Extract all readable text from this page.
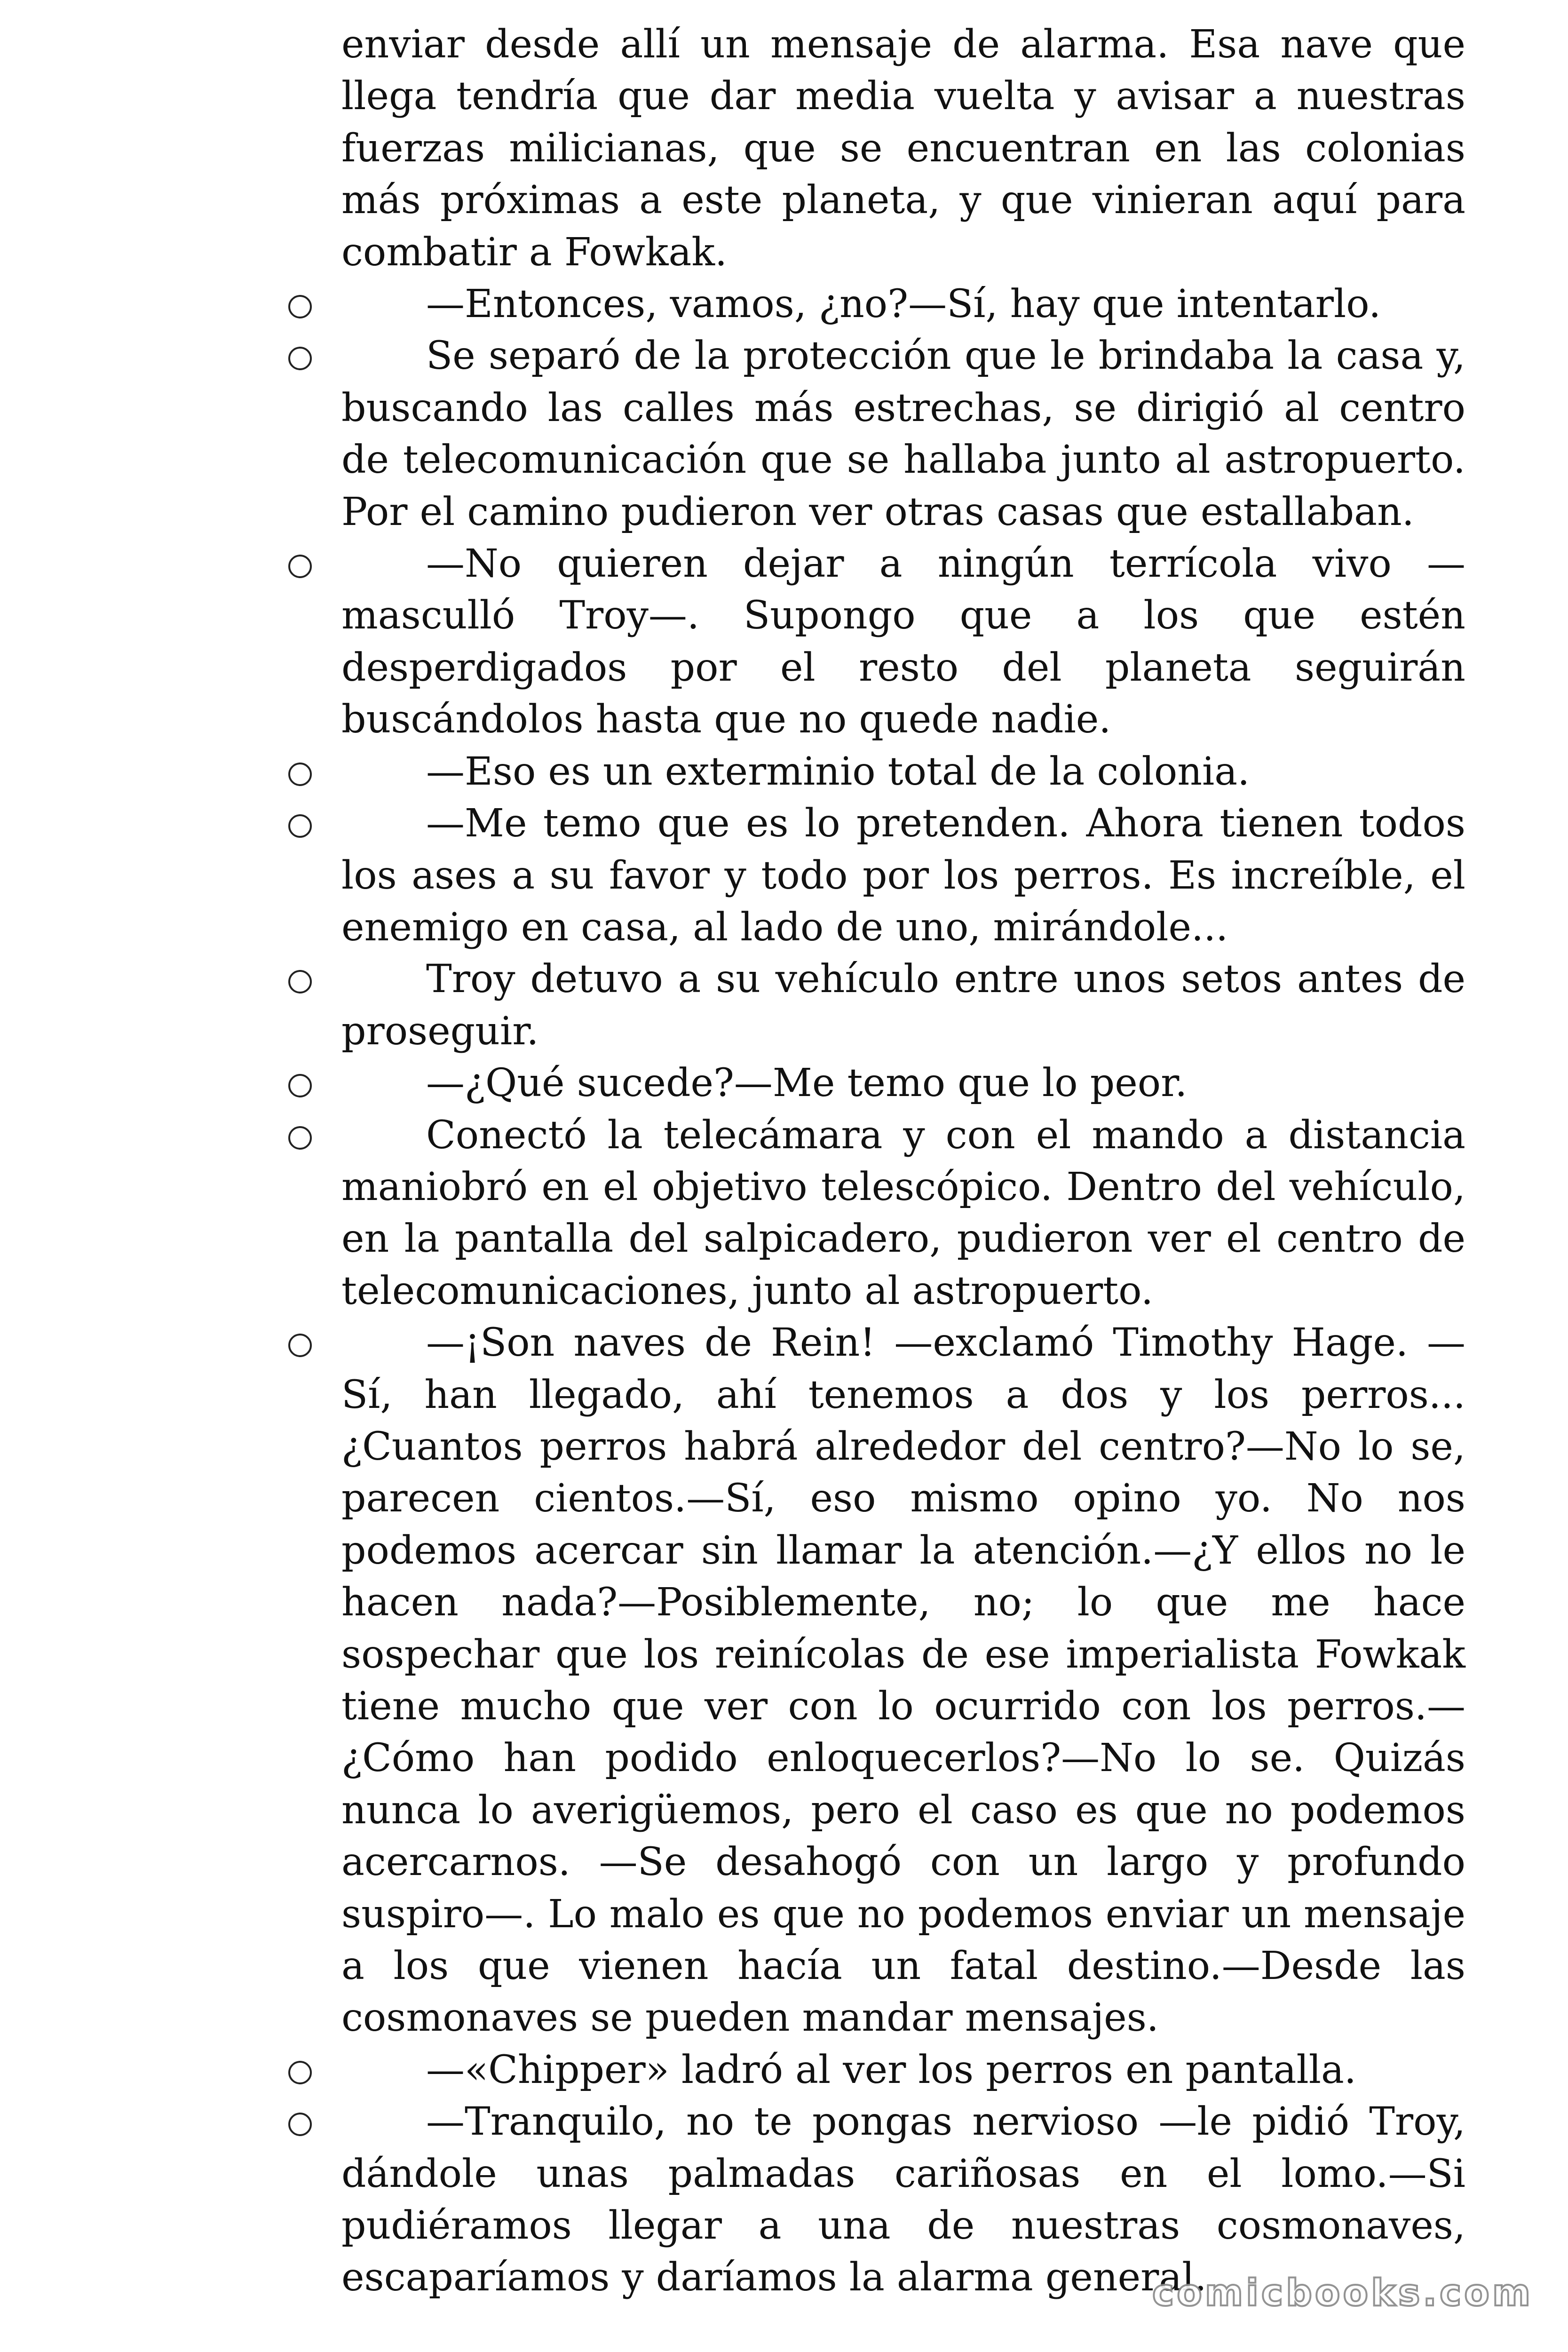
enviar desde allí un mensaje de alarma. Esa nave que llega tendría que dar media vuelta y avisar a nuestras fuerzas milicianas, que se encuentran en las colonias más próximas a este planeta, y que vinieran aquí para combatir a Fowkak.

—Entonces, vamos, ¿no?—Sí, hay que intentarlo.

Se separó de la protección que le brindaba la casa y, buscando las calles más estrechas, se dirigió al centro de telecomunicación que se hallaba junto al astropuerto. Por el camino pudieron ver otras casas que estallaban.

—No quieren dejar a ningún terrícola vivo —masculló Troy—. Supongo que a los que estén desperdigados por el resto del planeta seguirán buscándolos hasta que no quede nadie.

—Eso es un exterminio total de la colonia.

—Me temo que es lo pretenden. Ahora tienen todos los ases a su favor y todo por los perros. Es increíble, el enemigo en casa, al lado de uno, mirándole...

Troy detuvo a su vehículo entre unos setos antes de proseguir.

—¿Qué sucede?—Me temo que lo peor.

Conectó la telecámara y con el mando a distancia maniobró en el objetivo telescópico. Dentro del vehículo, en la pantalla del salpicadero, pudieron ver el centro de telecomunicaciones, junto al astropuerto.

—¡Son naves de Rein! —exclamó Timothy Hage. —Sí, han llegado, ahí tenemos a dos y los perros... ¿Cuantos perros habrá alrededor del centro?—No lo se, parecen cientos.—Sí, eso mismo opino yo. No nos podemos acercar sin llamar la atención.—¿Y ellos no le hacen nada?—Posiblemente, no; lo que me hace sospechar que los reinícolas de ese imperialista Fowkak tiene mucho que ver con lo ocurrido con los perros.—¿Cómo han podido enloquecerlos?—No lo se. Quizás nunca lo averigüemos, pero el caso es que no podemos acercarnos. —Se desahogó con un largo y profundo suspiro—. Lo malo es que no podemos enviar un mensaje a los que vienen hacía un fatal destino.—Desde las cosmonaves se pueden mandar mensajes.

—«Chipper» ladró al ver los perros en pantalla.

—Tranquilo, no te pongas nervioso —le pidió Troy, dándole unas palmadas cariñosas en el lomo.—Si pudiéramos llegar a una de nuestras cosmonaves, escaparíamos y daríamos la alarma general.

comicbooks.com
